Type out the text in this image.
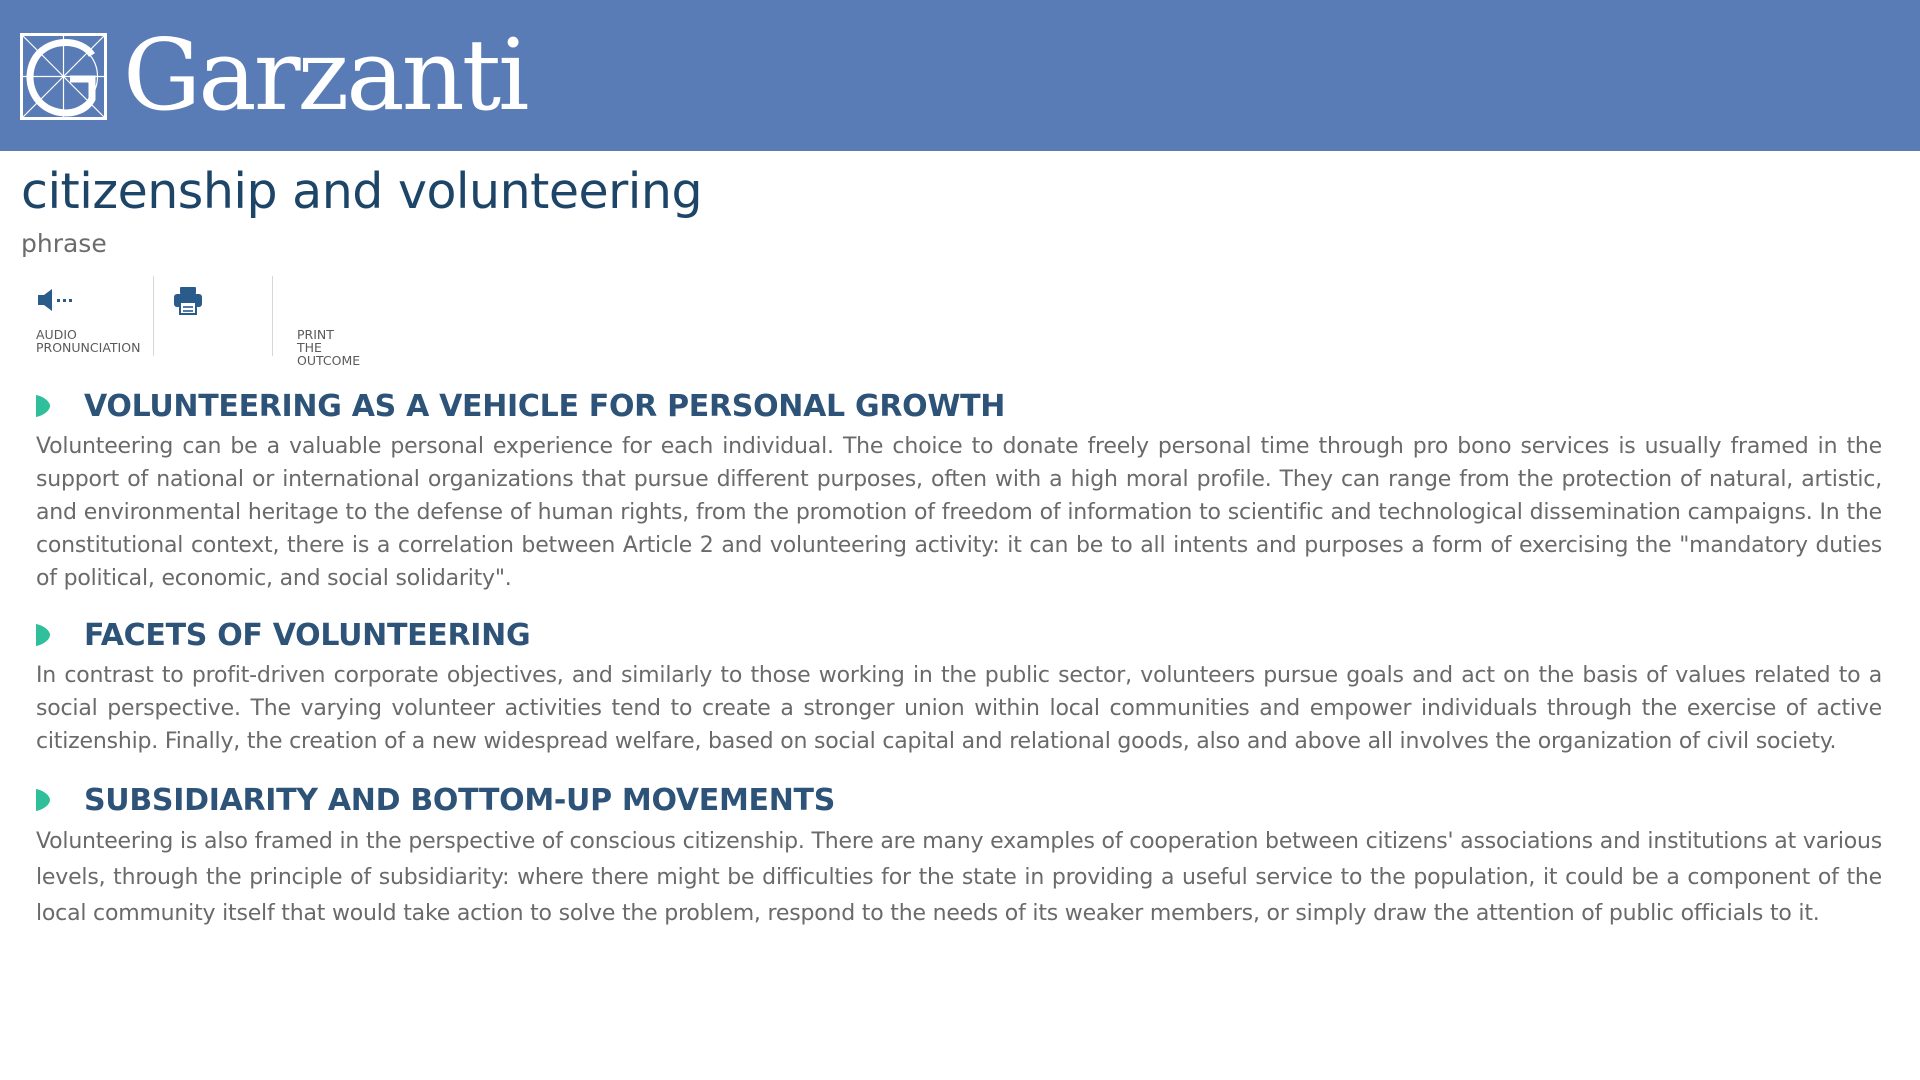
Garzanti
citizenship and volunteering
phrase
AUDIO
PRONUNCIATION
PRINT THE
OUTCOME
VOLUNTEERING AS A VEHICLE FOR PERSONAL GROWTH

Volunteering can be a valuable personal experience for each individual. The choice to donate freely personal time through pro bono services is usually framed in the support of national or international organizations that pursue different purposes, often with a high moral profile. They can range from the protection of natural, artistic, and environmental heritage to the defense of human rights, from the promotion of freedom of information to scientific and technological dissemination campaigns. In the constitutional context, there is a correlation between Article 2 and volunteering activity: it can be to all intents and purposes a form of exercising the "mandatory duties of political, economic, and social solidarity".

FACETS OF VOLUNTEERING

In contrast to profit-driven corporate objectives, and similarly to those working in the public sector, volunteers pursue goals and act on the basis of values related to a social perspective. The varying volunteer activities tend to create a stronger union within local communities and empower individuals through the exercise of active citizenship. Finally, the creation of a new widespread welfare, based on social capital and relational goods, also and above all involves the organization of civil society.

SUBSIDIARITY AND BOTTOM-UP MOVEMENTS

Volunteering is also framed in the perspective of conscious citizenship. There are many examples of cooperation between citizens' associations and institutions at various levels, through the principle of subsidiarity: where there might be difficulties for the state in providing a useful service to the population, it could be a component of the local community itself that would take action to solve the problem, respond to the needs of its weaker members, or simply draw the attention of public officials to it.
